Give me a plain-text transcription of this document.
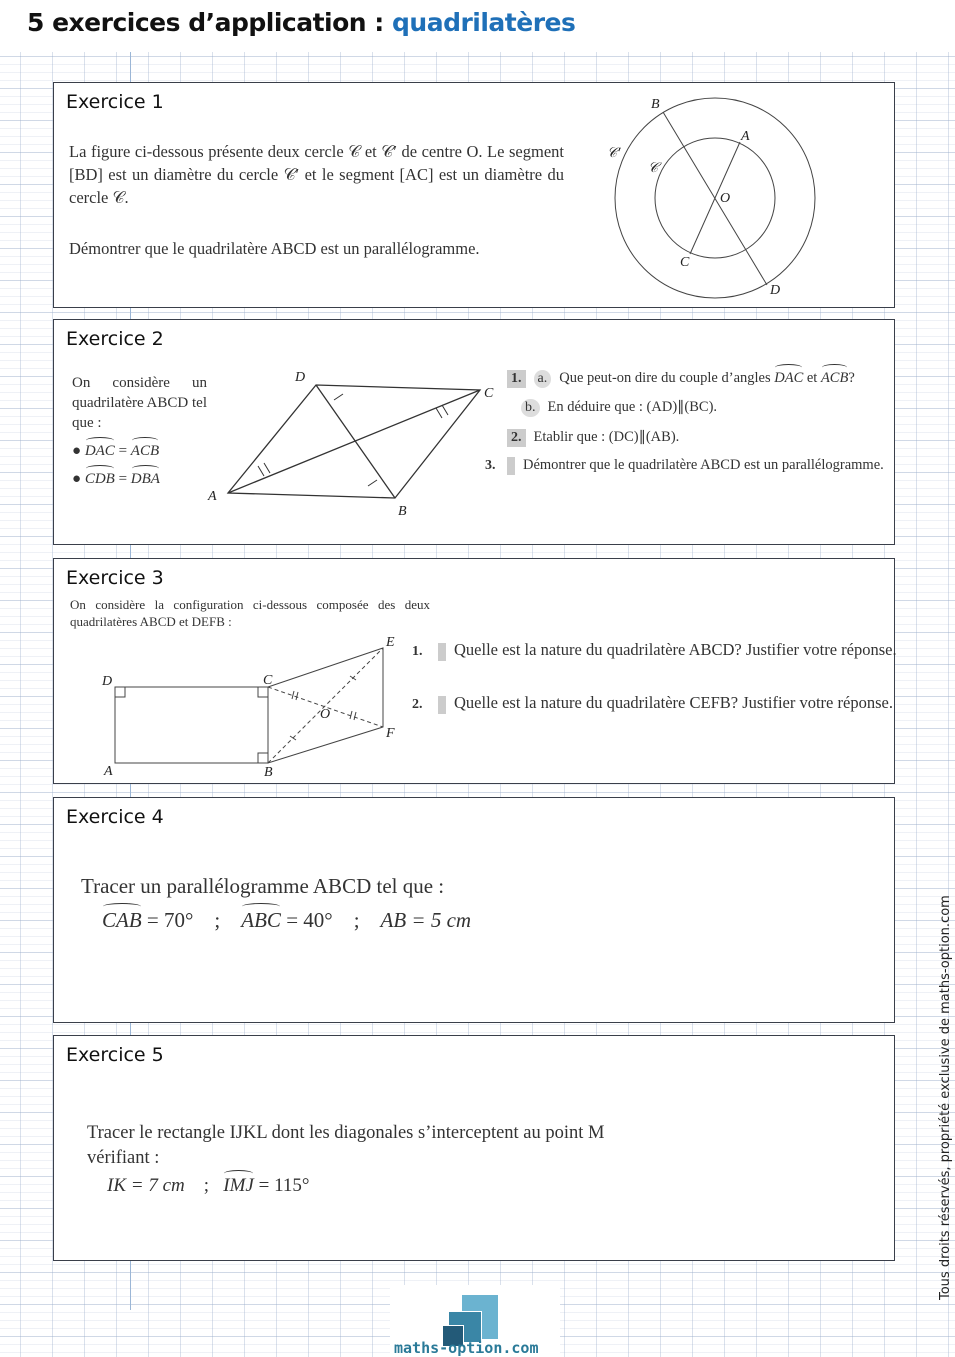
5 exercices d’application : quadrilatères
Exercice 1
La figure ci-dessous présente deux cercle 𝒞 et 𝒞′ de centre O. Le segment [BD] est un diamètre du cercle 𝒞′ et le segment [AC] est un diamètre du cercle 𝒞.
Démontrer que le quadrilatère ABCD est un parallélogramme.
B
A
C
D
O
𝒞′
𝒞
Exercice 2
On considère un quadrilatère ABCD tel que :
● DAC = ACB
● CDB = DBA
1. a. Que peut-on dire du couple d’angles DAC et ACB?
b. En déduire que : (AD)∥(BC).
2. Etablir que : (DC)∥(AB).
3. Démontrer que le quadrilatère ABCD est un parallélogramme.
D
C
A
B
Exercice 3
On considère la configuration ci-dessous composée des deux quadrilatères ABCD et DEFB :
1. Quelle est la nature du quadrilatère ABCD? Justifier votre réponse.
2. Quelle est la nature du quadrilatère CEFB? Justifier votre réponse.
D	C
A	B
E
F
O
Exercice 4
Tracer un parallélogramme ABCD tel que :
CAB = 70° ; ABC = 40° ; AB = 5 cm
Exercice 5
Tracer le rectangle IJKL dont les diagonales s’interceptent au point M vérifiant :
IK = 7 cm ; IMJ = 115°	Tous droits réservés, propriété exclusive de maths-option.com
maths-option.com
